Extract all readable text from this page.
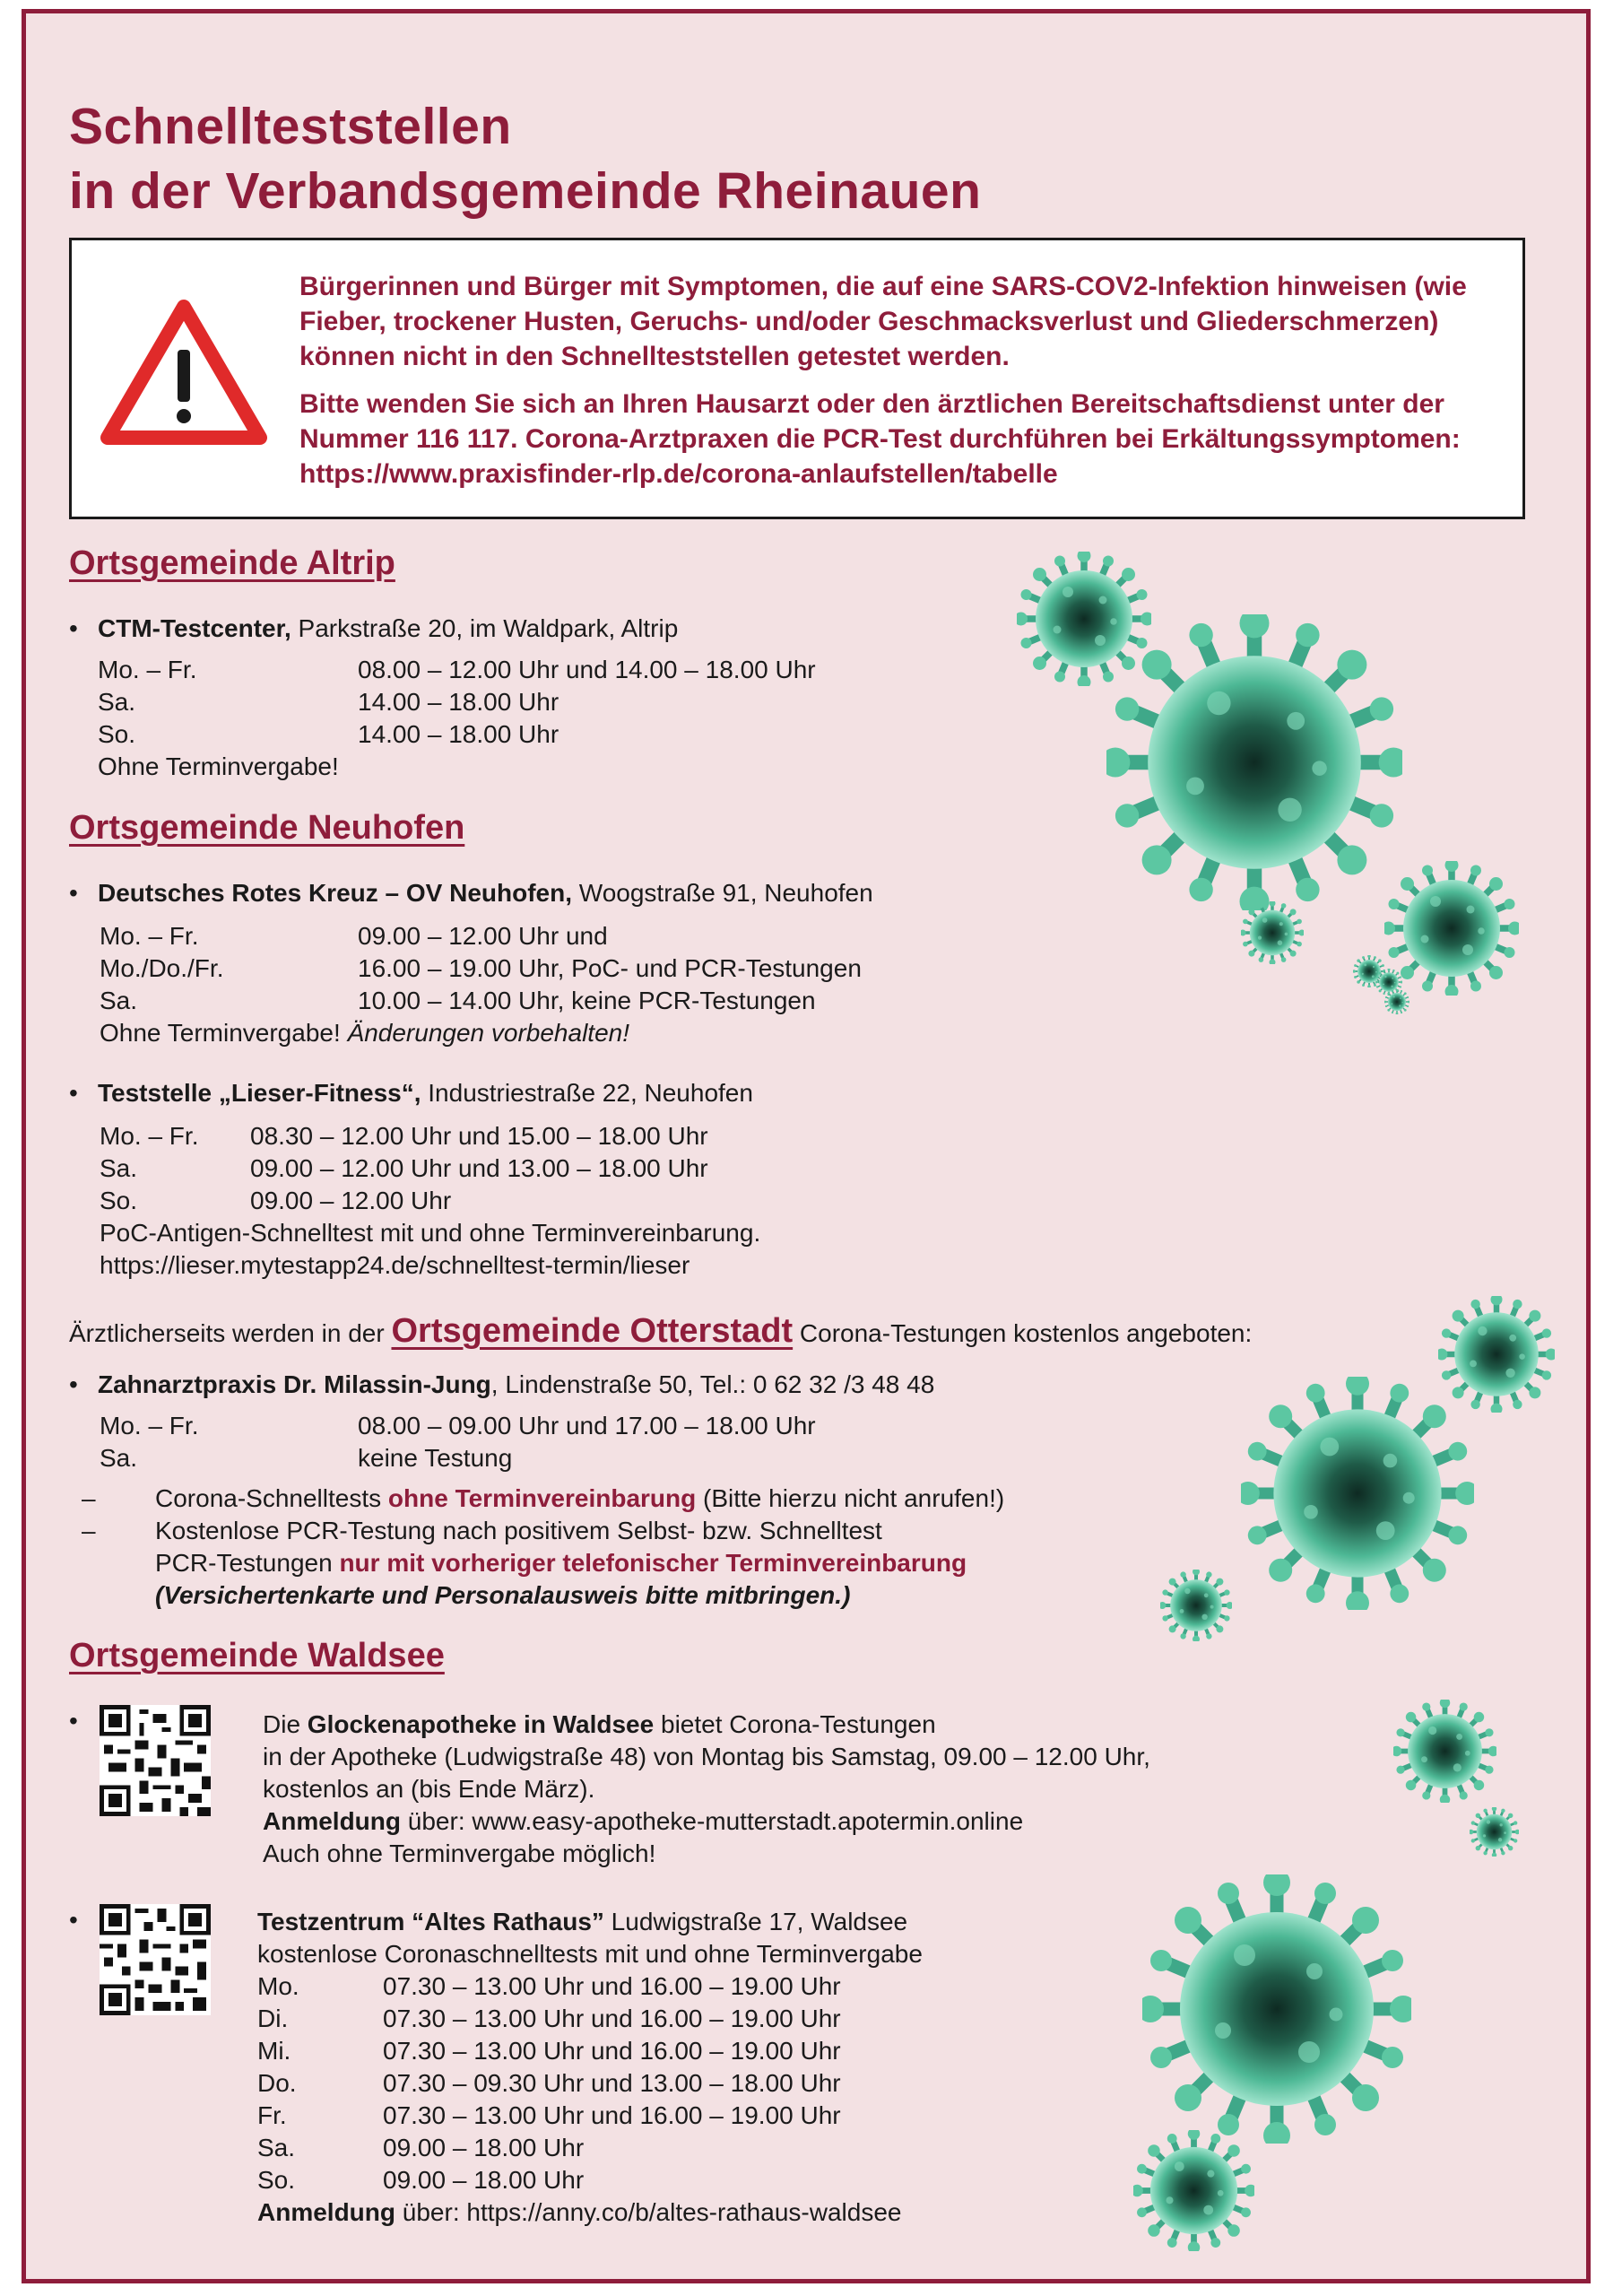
Schnellteststellen
in der Verbandsgemeinde Rheinauen

Bürgerinnen und Bürger mit Symptomen, die auf eine SARS-COV2-Infektion hinweisen (wie Fieber, trockener Husten, Geruchs- und/oder Geschmacksverlust und Gliederschmerzen) können nicht in den Schnellteststellen getestet werden.

Bitte wenden Sie sich an Ihren Hausarzt oder den ärztlichen Bereitschaftsdienst unter der Nummer 116 117. Corona-Arztpraxen die PCR-Test durchführen bei Erkältungssymptomen: https://www.praxisfinder-rlp.de/corona-anlaufstellen/tabelle

Ortsgemeinde Altrip
• CTM-Testcenter, Parkstraße 20, im Waldpark, Altrip
Mo. – Fr.	08.00 – 12.00 Uhr und 14.00 – 18.00 Uhr
Sa.	14.00 – 18.00 Uhr
So.	14.00 – 18.00 Uhr
Ohne Terminvergabe!
Ortsgemeinde Neuhofen
• Deutsches Rotes Kreuz – OV Neuhofen, Woogstraße 91, Neuhofen
Mo. – Fr.	09.00 – 12.00 Uhr und
Mo./Do./Fr.	16.00 – 19.00 Uhr, PoC- und PCR-Testungen
Sa.	10.00 – 14.00 Uhr, keine PCR-Testungen
Ohne Terminvergabe! Änderungen vorbehalten!
• Teststelle „Lieser-Fitness“, Industriestraße 22, Neuhofen
Mo. – Fr. 08.30 – 12.00 Uhr und 15.00 – 18.00 Uhr
Sa.	09.00 – 12.00 Uhr und 13.00 – 18.00 Uhr
So.	09.00 – 12.00 Uhr
PoC-Antigen-Schnelltest mit und ohne Terminvereinbarung.
https://lieser.mytestapp24.de/schnelltest-termin/lieser
Ärztlicherseits werden in der Ortsgemeinde Otterstadt Corona-Testungen kostenlos angeboten:
• Zahnarztpraxis Dr. Milassin-Jung, Lindenstraße 50, Tel.: 0 62 32 /3 48 48
Mo. – Fr.	08.00 – 09.00 Uhr und 17.00 – 18.00 Uhr
Sa.	keine Testung
– Corona-Schnelltests ohne Terminvereinbarung (Bitte hierzu nicht anrufen!)
– Kostenlose PCR-Testung nach positivem Selbst- bzw. Schnelltest
PCR-Testungen nur mit vorheriger telefonischer Terminvereinbarung
(Versichertenkarte und Personalausweis bitte mitbringen.)
Ortsgemeinde Waldsee
•	Die Glockenapotheke in Waldsee bietet Corona-Testungen
in der Apotheke (Ludwigstraße 48) von Montag bis Samstag, 09.00 – 12.00 Uhr,
kostenlos an (bis Ende März).
Anmeldung über: www.easy-apotheke-mutterstadt.apotermin.online
Auch ohne Terminvergabe möglich!
•	Testzentrum “Altes Rathaus” Ludwigstraße 17, Waldsee
kostenlose Coronaschnelltests mit und ohne Terminvergabe
Mo.	07.30 – 13.00 Uhr und 16.00 – 19.00 Uhr
Di.	07.30 – 13.00 Uhr und 16.00 – 19.00 Uhr
Mi.	07.30 – 13.00 Uhr und 16.00 – 19.00 Uhr
Do.	07.30 – 09.30 Uhr und 13.00 – 18.00 Uhr
Fr.	07.30 – 13.00 Uhr und 16.00 – 19.00 Uhr
Sa.	09.00 – 18.00 Uhr
So.	09.00 – 18.00 Uhr
Anmeldung über: https://anny.co/b/altes-rathaus-waldsee
